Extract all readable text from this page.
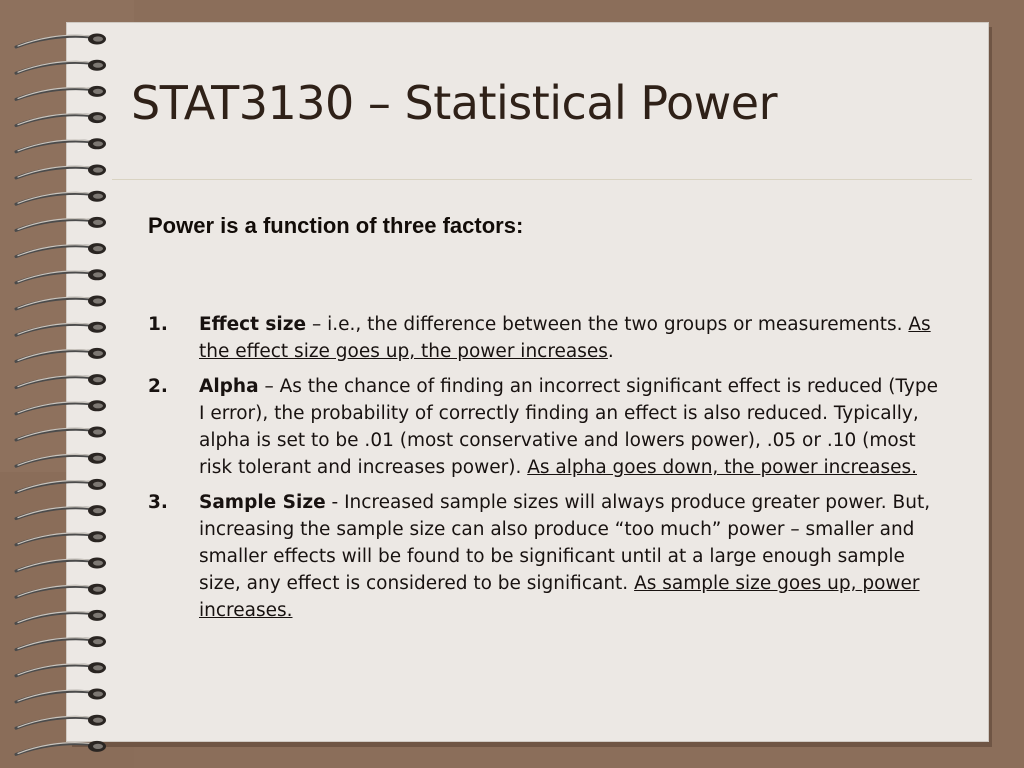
STAT3130 – Statistical Power
Power is a function of three factors:
1.	Effect size – i.e., the difference between the two groups or measurements. As the effect size goes up, the power increases.
2.	Alpha – As the chance of finding an incorrect significant effect is reduced (Type I error), the probability of correctly finding an effect is also reduced. Typically, alpha is set to be .01 (most conservative and lowers power), .05 or .10 (most risk tolerant and increases power). As alpha goes down, the power increases.
3.	Sample Size - Increased sample sizes will always produce greater power. But, increasing the sample size can also produce “too much” power – smaller and smaller effects will be found to be significant until at a large enough sample size, any effect is considered to be significant. As sample size goes up, power increases.
